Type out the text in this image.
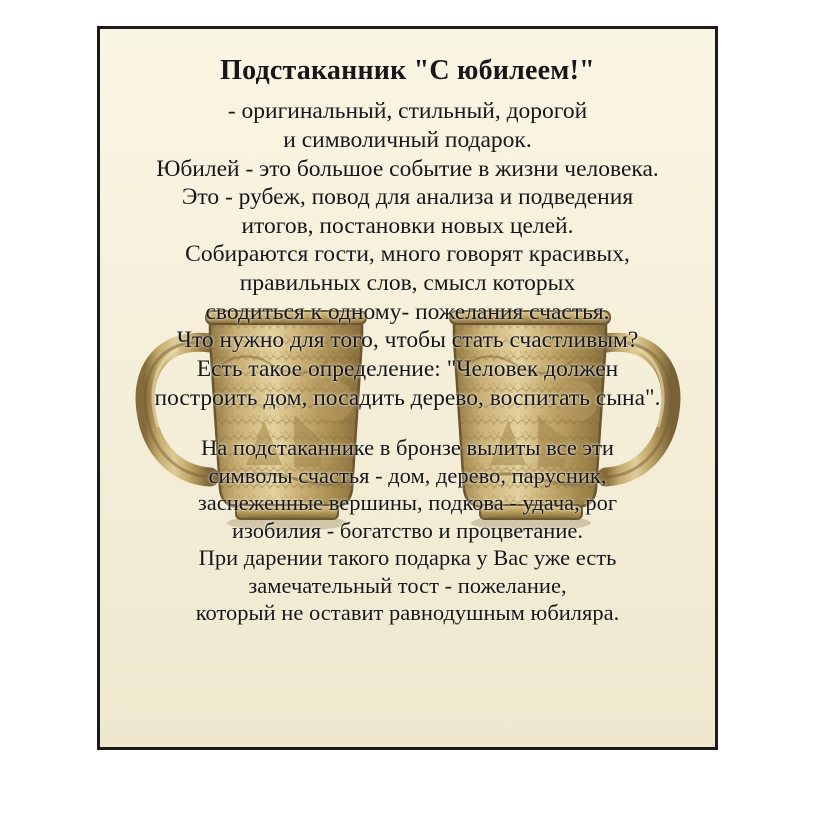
Подстаканник "С юбилеем!"

- оригинальный, стильный, дорогой
и символичный подарок.

Юбилей - это большое событие в жизни человека.
Это - рубеж, повод для анализа и подведения
итогов, постановки новых целей.
Собираются гости, много говорят красивых,
правильных слов, смысл которых
сводиться к одному- пожелания счастья.
Что нужно для того, чтобы стать счастливым?
Есть такое определение: "Человек должен
построить дом, посадить дерево, воспитать сына".

На подстаканнике в бронзе вылиты все эти
символы счастья - дом, дерево, парусник,
заснеженные вершины, подкова - удача, рог
изобилия - богатство и процветание.
При дарении такого подарка у Вас уже есть
замечательный тост - пожелание,
который не оставит равнодушным юбиляра.
